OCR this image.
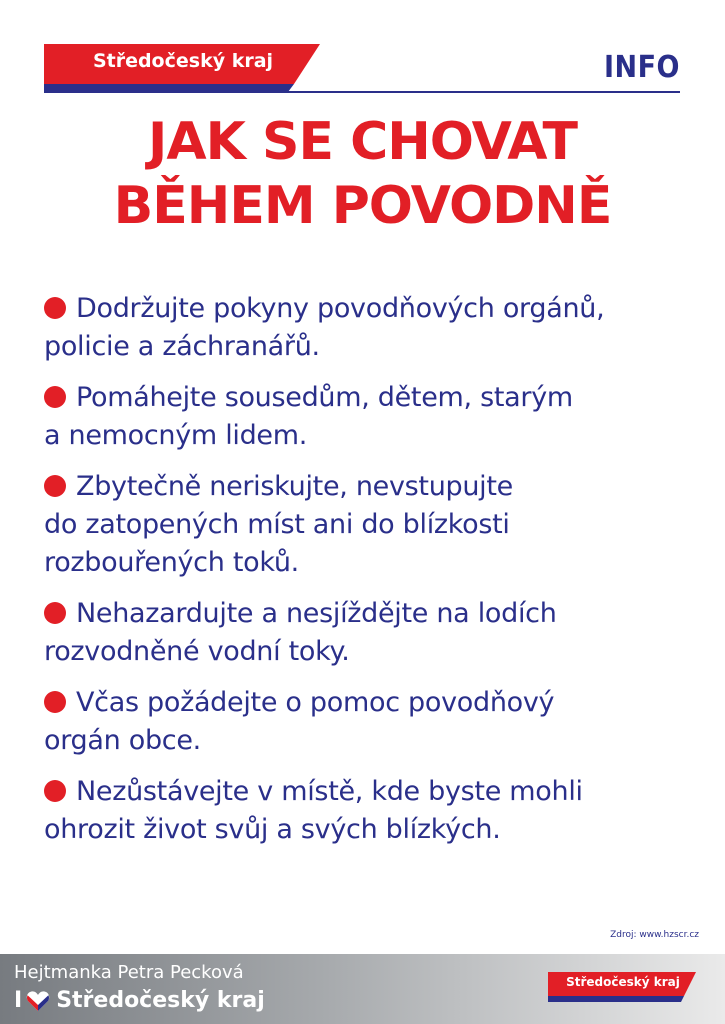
Středočeský kraj	INFO
JAK SE CHOVAT
BĚHEM POVODNĚ
Dodržujte pokyny povodňových orgánů,
policie a záchranářů.
Pomáhejte sousedům, dětem, starým
a nemocným lidem.
Zbytečně neriskujte, nevstupujte
do zatopených míst ani do blízkosti
rozbouřených toků.
Nehazardujte a nesjíždějte na lodích
rozvodněné vodní toky.
Včas požádejte o pomoc povodňový
orgán obce.
Nezůstávejte v místě, kde byste mohli
ohrozit život svůj a svých blízkých.
Zdroj: www.hzscr.cz
Hejtmanka Petra Pecková
I Středočeský kraj
Středočeský kraj
